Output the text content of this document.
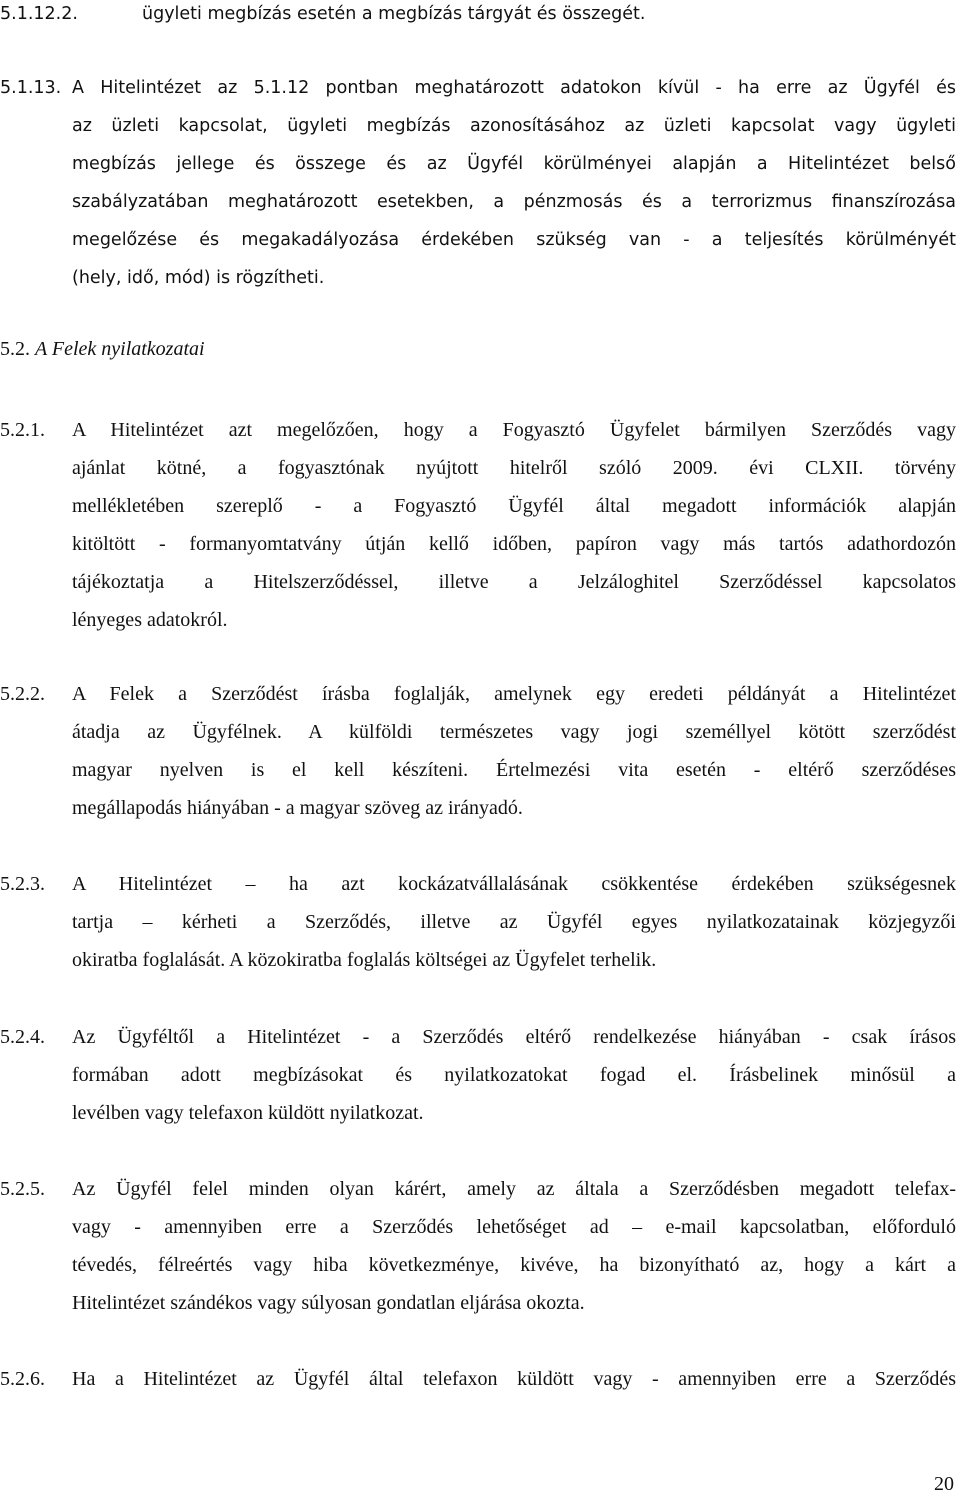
5.1.12.2.	ügyleti megbízás esetén a megbízás tárgyát és összegét.
5.1.13. A Hitelintézet az 5.1.12 pontban meghatározott adatokon kívül - ha erre az Ügyfél és
az üzleti kapcsolat, ügyleti megbízás azonosításához az üzleti kapcsolat vagy ügyleti
megbízás jellege és összege és az Ügyfél körülményei alapján a Hitelintézet belső
szabályzatában meghatározott esetekben, a pénzmosás és a terrorizmus finanszírozása
megelőzése és megakadályozása érdekében szükség van - a teljesítés körülményét
(hely, idő, mód) is rögzítheti.
5.2. A Felek nyilatkozatai
5.2.1. A Hitelintézet azt megelőzően, hogy a Fogyasztó Ügyfelet bármilyen Szerződés vagy
ajánlat kötné, a fogyasztónak nyújtott hitelről szóló 2009. évi CLXII. törvény
mellékletében szereplő - a Fogyasztó Ügyfél által megadott információk alapján
kitöltött - formanyomtatvány útján kellő időben, papíron vagy más tartós adathordozón
tájékoztatja a Hitelszerződéssel, illetve a Jelzáloghitel Szerződéssel kapcsolatos
lényeges adatokról.
5.2.2. A Felek a Szerződést írásba foglalják, amelynek egy eredeti példányát a Hitelintézet
átadja az Ügyfélnek. A külföldi természetes vagy jogi személlyel kötött szerződést
magyar nyelven is el kell készíteni. Értelmezési vita esetén - eltérő szerződéses
megállapodás hiányában - a magyar szöveg az irányadó.
5.2.3. A Hitelintézet – ha azt kockázatvállalásának csökkentése érdekében szükségesnek
tartja – kérheti a Szerződés, illetve az Ügyfél egyes nyilatkozatainak közjegyzői
okiratba foglalását. A közokiratba foglalás költségei az Ügyfelet terhelik.
5.2.4. Az Ügyféltől a Hitelintézet - a Szerződés eltérő rendelkezése hiányában - csak írásos
formában adott megbízásokat és nyilatkozatokat fogad el. Írásbelinek minősül a
levélben vagy telefaxon küldött nyilatkozat.
5.2.5. Az Ügyfél felel minden olyan kárért, amely az általa a Szerződésben megadott telefax-
vagy - amennyiben erre a Szerződés lehetőséget ad – e-mail kapcsolatban, előforduló
tévedés, félreértés vagy hiba következménye, kivéve, ha bizonyítható az, hogy a kárt a
Hitelintézet szándékos vagy súlyosan gondatlan eljárása okozta.
5.2.6. Ha a Hitelintézet az Ügyfél által telefaxon küldött vagy - amennyiben erre a Szerződés
20
